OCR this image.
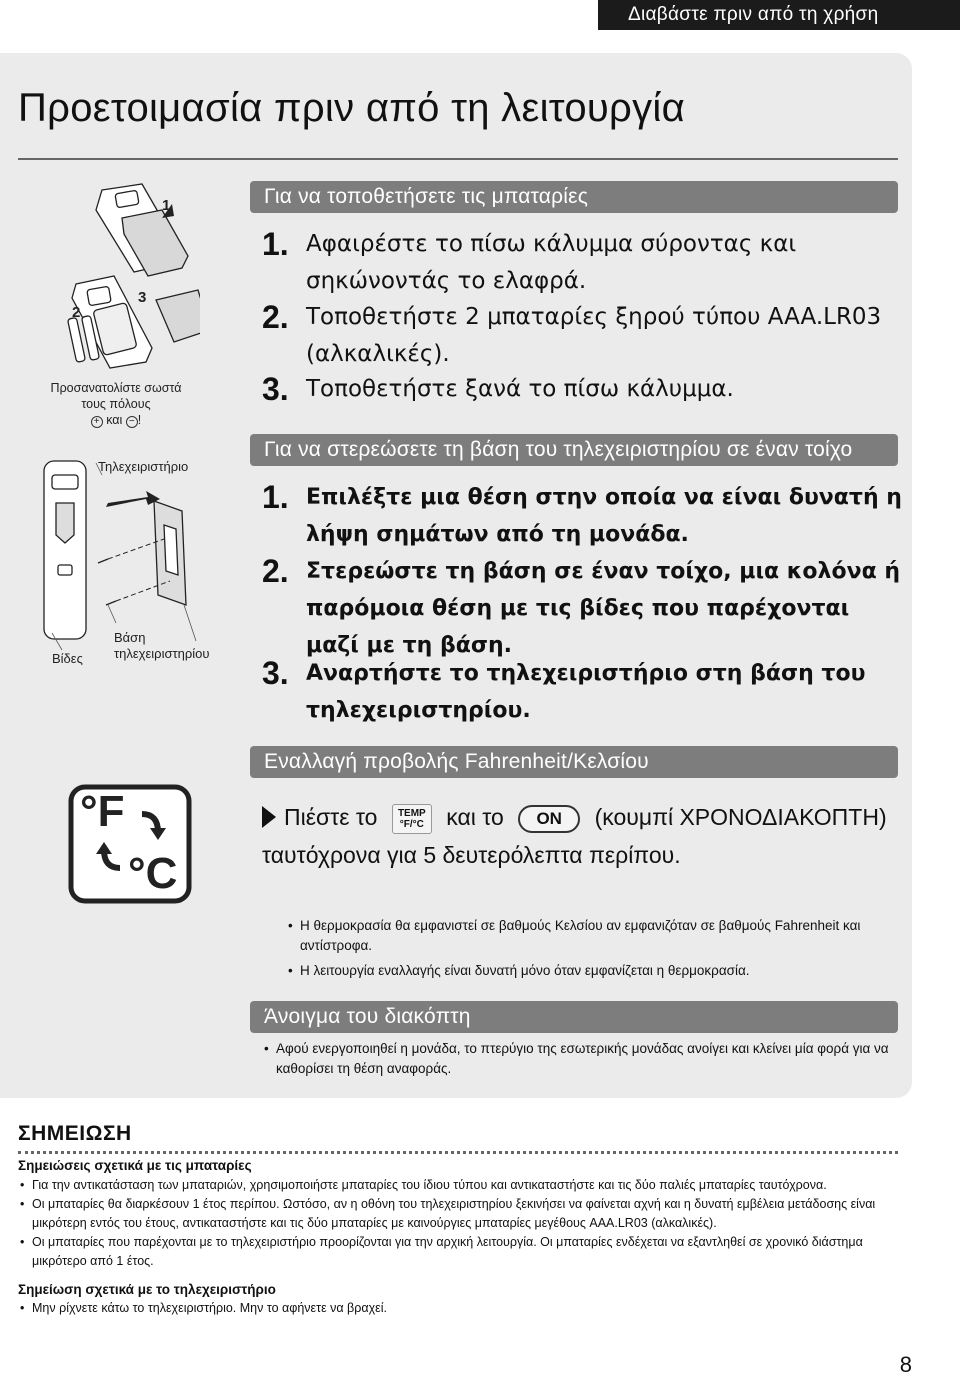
Διαβάστε πριν από τη χρήση
Προετοιμασία πριν από τη λειτουργία
1
2
3
Προσανατολίστε σωστά τους πόλους
+ και − !
Για να τοποθετήσετε τις μπαταρίες
1. Αφαιρέστε το πίσω κάλυμμα σύροντας και σηκώνοντάς το ελαφρά.
2. Τοποθετήστε 2 μπαταρίες ξηρού τύπου AAA.LR03 (αλκαλικές).
3. Τοποθετήστε ξανά το πίσω κάλυμμα.
Τηλεχειριστήριο
Βίδες
Βάση τηλεχειριστηρίου
Για να στερεώσετε τη βάση του τηλεχειριστηρίου σε έναν τοίχο
1. Επιλέξτε μια θέση στην οποία να είναι δυνατή η λήψη σημάτων από τη μονάδα.
2. Στερεώστε τη βάση σε έναν τοίχο, μια κολόνα ή παρόμοια θέση με τις βίδες που παρέχονται μαζί με τη βάση.
3. Αναρτήστε το τηλεχειριστήριο στη βάση του τηλεχειριστηρίου.
Εναλλαγή προβολής Fahrenheit/Κελσίου
°F
°C
Πιέστε το TEMP
°F/°C και το ON (κουμπί ΧΡΟΝΟΔΙΑΚΟΠΤΗ) ταυτόχρονα για 5 δευτερόλεπτα περίπου.
• Η θερμοκρασία θα εμφανιστεί σε βαθμούς Κελσίου αν εμφανιζόταν σε βαθμούς Fahrenheit και αντίστροφα.
• Η λειτουργία εναλλαγής είναι δυνατή μόνο όταν εμφανίζεται η θερμοκρασία.
Άνοιγμα του διακόπτη
• Αφού ενεργοποιηθεί η μονάδα, το πτερύγιο της εσωτερικής μονάδας ανοίγει και κλείνει μία φορά για να καθορίσει τη θέση αναφοράς.
ΣΗΜΕΙΩΣΗ
Σημειώσεις σχετικά με τις μπαταρίες
• Για την αντικατάσταση των μπαταριών, χρησιμοποιήστε μπαταρίες του ίδιου τύπου και αντικαταστήστε και τις δύο παλιές μπαταρίες ταυτόχρονα.
• Οι μπαταρίες θα διαρκέσουν 1 έτος περίπου. Ωστόσο, αν η οθόνη του τηλεχειριστηρίου ξεκινήσει να φαίνεται αχνή και η δυνατή εμβέλεια μετάδοσης είναι μικρότερη εντός του έτους, αντικαταστήστε και τις δύο μπαταρίες με καινούργιες μπαταρίες μεγέθους AAA.LR03 (αλκαλικές).
• Οι μπαταρίες που παρέχονται με το τηλεχειριστήριο προορίζονται για την αρχική λειτουργία. Οι μπαταρίες ενδέχεται να εξαντληθεί σε χρονικό διάστημα μικρότερο από 1 έτος.
Σημείωση σχετικά με το τηλεχειριστήριο
• Μην ρίχνετε κάτω το τηλεχειριστήριο. Μην το αφήνετε να βραχεί.
8
